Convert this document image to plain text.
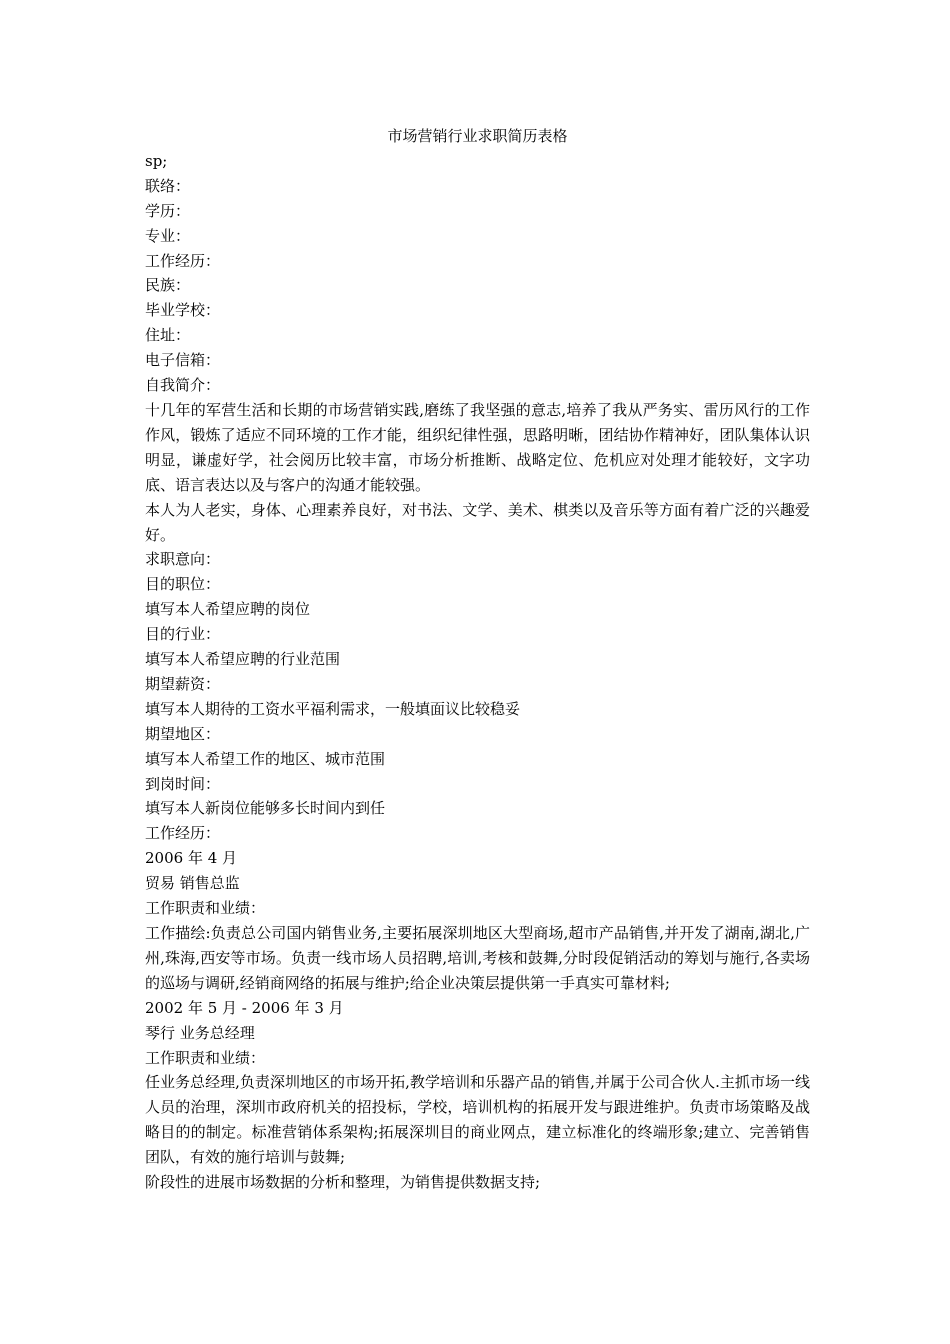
市场营销行业求职简历表格
sp;
联络：
学历：
专业：
工作经历：
民族：
毕业学校：
住址：
电子信箱：
自我简介：
十几年的军营生活和长期的市场营销实践,磨练了我坚强的意志,培养了我从严务实、雷历风行的工作作风，锻炼了适应不同环境的工作才能，组织纪律性强，思路明晰，团结协作精神好，团队集体认识明显，谦虚好学，社会阅历比较丰富，市场分析推断、战略定位、危机应对处理才能较好，文字功底、语言表达以及与客户的沟通才能较强。
本人为人老实，身体、心理素养良好，对书法、文学、美术、棋类以及音乐等方面有着广泛的兴趣爱好。
求职意向：
目的职位：
填写本人希望应聘的岗位
目的行业：
填写本人希望应聘的行业范围
期望薪资：
填写本人期待的工资水平福利需求，一般填面议比较稳妥
期望地区：
填写本人希望工作的地区、城市范围
到岗时间：
填写本人新岗位能够多长时间内到任
工作经历：
2006 年 4 月
贸易 销售总监
工作职责和业绩：
工作描绘:负责总公司国内销售业务,主要拓展深圳地区大型商场,超市产品销售,并开发了湖南,湖北,广州,珠海,西安等市场。负责一线市场人员招聘,培训,考核和鼓舞,分时段促销活动的筹划与施行,各卖场的巡场与调研,经销商网络的拓展与维护;给企业决策层提供第一手真实可靠材料;
2002 年 5 月 - 2006 年 3 月
琴行 业务总经理
工作职责和业绩：
任业务总经理,负责深圳地区的市场开拓,教学培训和乐器产品的销售,并属于公司合伙人.主抓市场一线人员的治理，深圳市政府机关的招投标，学校，培训机构的拓展开发与跟进维护。负责市场策略及战略目的的制定。标准营销体系架构;拓展深圳目的商业网点，建立标准化的终端形象;建立、完善销售团队，有效的施行培训与鼓舞;
阶段性的进展市场数据的分析和整理，为销售提供数据支持;
